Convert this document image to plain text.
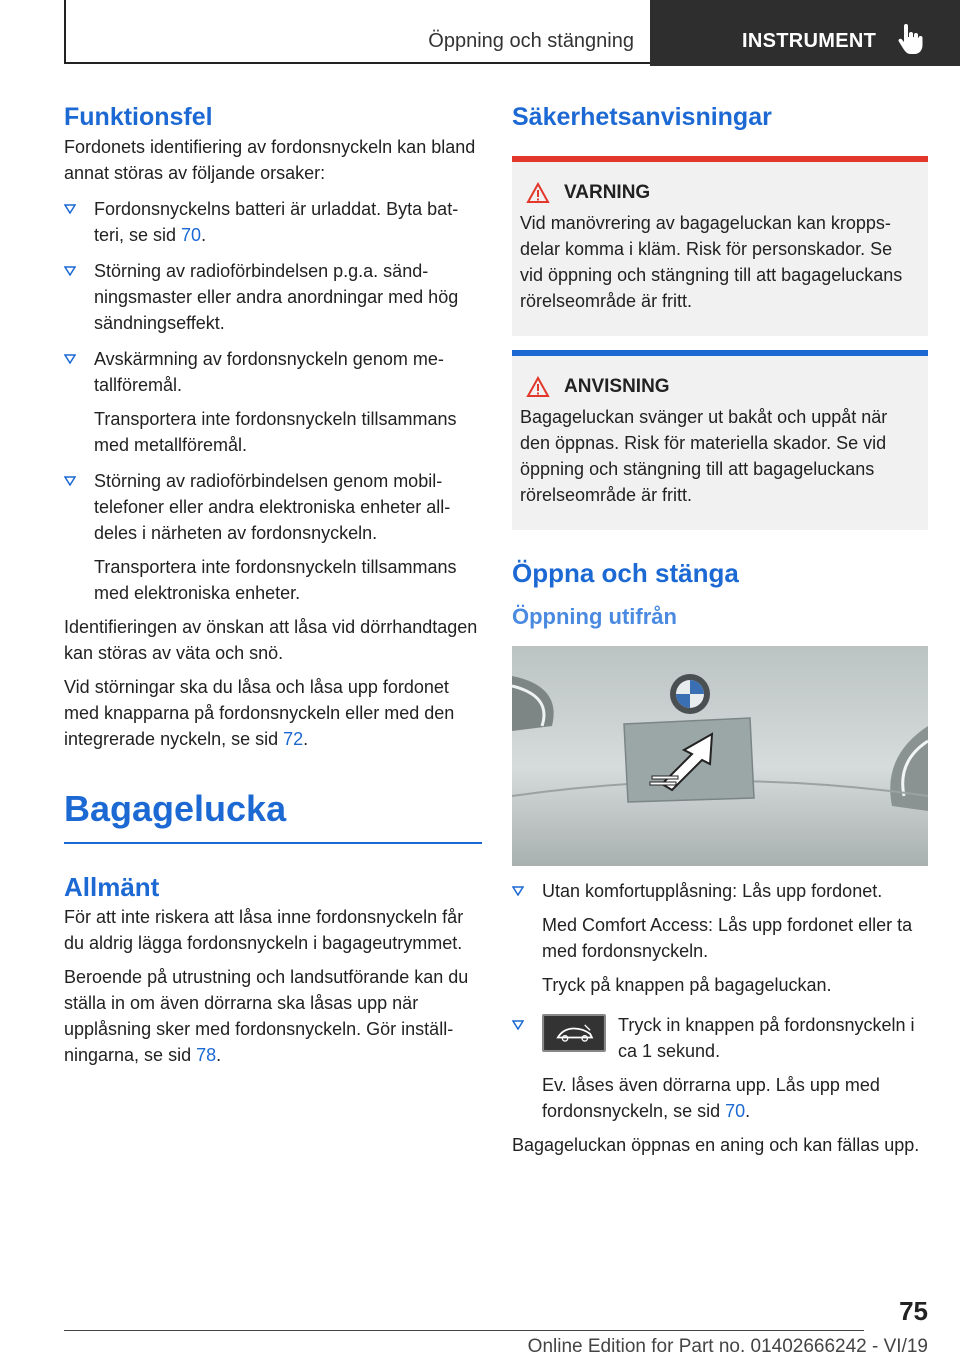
Öppning och stängning	INSTRUMENT
Funktionsfel

Fordonets identifiering av fordonsnyckeln kan bland annat störas av följande orsaker:

Fordonsnyckelns batteri är urladdat. Byta batteri, se sid 70.

Störning av radioförbindelsen p.g.a. sändningsmaster eller andra anordningar med hög sändningseffekt.

Avskärmning av fordonsnyckeln genom metallföremål.

Transportera inte fordonsnyckeln tillsammans med metallföremål.

Störning av radioförbindelsen genom mobiltelefoner eller andra elektroniska enheter alldeles i närheten av fordonsnyckeln.

Transportera inte fordonsnyckeln tillsammans med elektroniska enheter.

Identifieringen av önskan att låsa vid dörrhandtagen kan störas av väta och snö.

Vid störningar ska du låsa och låsa upp fordonet med knapparna på fordonsnyckeln eller med den integrerade nyckeln, se sid 72.

Bagagelucka
Allmänt

För att inte riskera att låsa inne fordonsnyckeln får du aldrig lägga fordonsnyckeln i bagageutrymmet.

Beroende på utrustning och landsutförande kan du ställa in om även dörrarna ska låsas upp när upplåsning sker med fordonsnyckeln. Gör inställningarna, se sid 78.

Säkerhetsanvisningar
VARNING

Vid manövrering av bagageluckan kan kroppsdelar komma i kläm. Risk för personskador. Se vid öppning och stängning till att bagageluckans rörelseområde är fritt.

ANVISNING

Bagageluckan svänger ut bakåt och uppåt när den öppnas. Risk för materiella skador. Se vid öppning och stängning till att bagageluckans rörelseområde är fritt.

Öppna och stänga
Öppning utifrån

Utan komfortupplåsning: Lås upp fordonet.

Med Comfort Access: Lås upp fordonet eller ta med fordonsnyckeln.

Tryck på knappen på bagageluckan.

Tryck in knappen på fordonsnyckeln i ca 1 sekund.

Ev. låses även dörrarna upp. Lås upp med fordonsnyckeln, se sid 70.

Bagageluckan öppnas en aning och kan fällas upp.

75
Online Edition for Part no. 01402666242 - VI/19
